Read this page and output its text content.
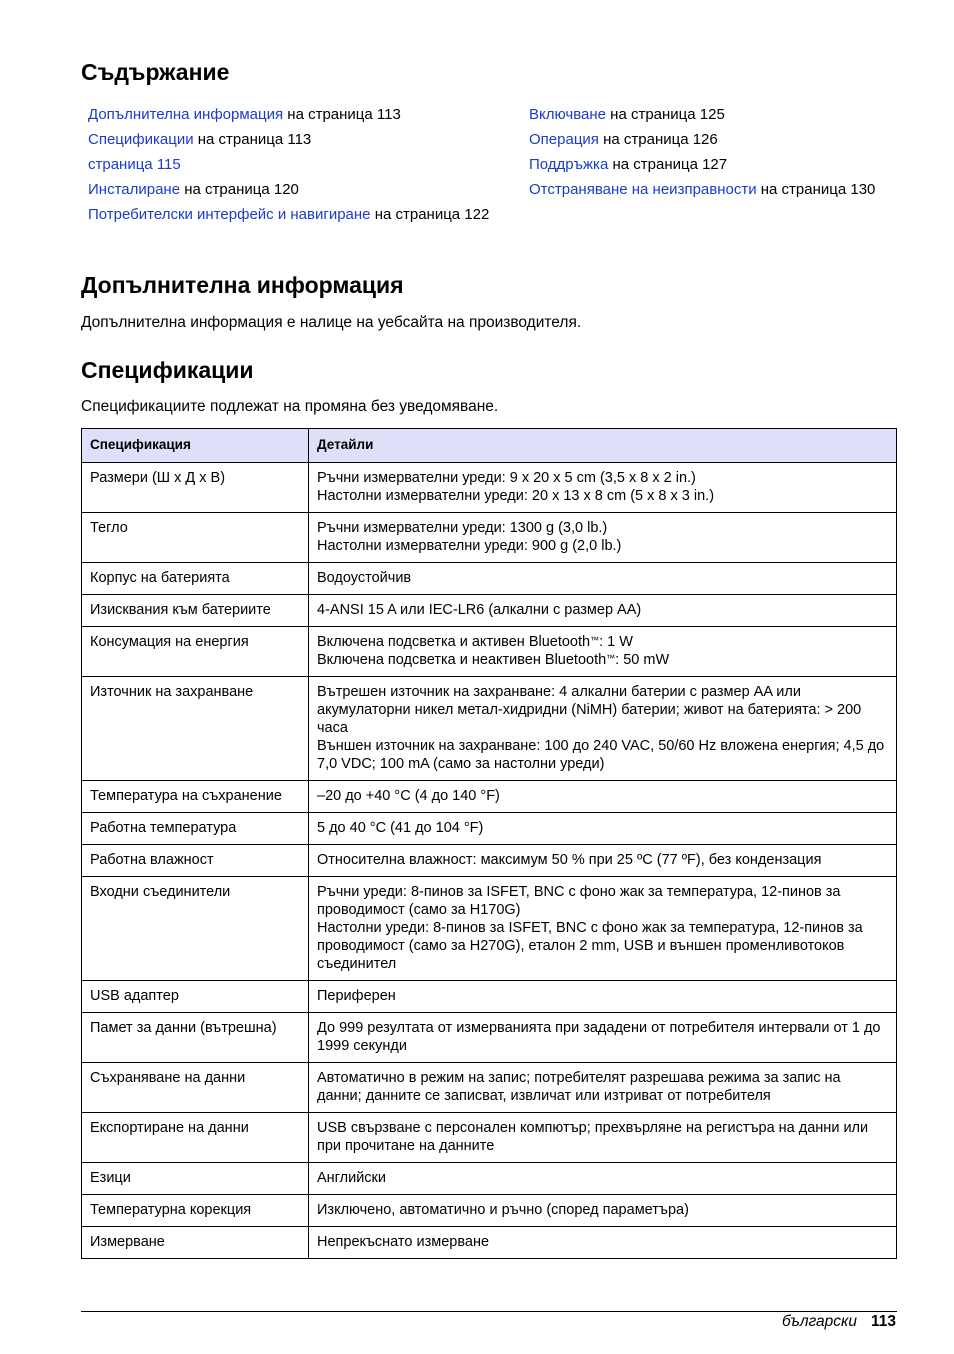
Съдържание
Допълнителна информация на страница 113
Спецификации на страница 113
страница 115
Инсталиране на страница 120
Потребителски интерфейс и навигиране на страница 122
Включване на страница 125
Операция на страница 126
Поддръжка на страница 127
Отстраняване на неизправности на страница 130
Допълнителна информация

Допълнителна информация е налице на уебсайта на производителя.

Спецификации

Спецификациите подлежат на промяна без уведомяване.

Спецификация	Детайли
Размери (Ш x Д x В)	Ръчни измервателни уреди: 9 x 20 x 5 cm (3,5 x 8 x 2 in.)
Настолни измервателни уреди: 20 x 13 x 8 cm (5 x 8 x 3 in.)

Тегло	Ръчни измервателни уреди: 1300 g (3,0 lb.)
Настолни измервателни уреди: 900 g (2,0 lb.)

Корпус на батерията	Водоустойчив

Изисквания към батериите	4-ANSI 15 A или IEC-LR6 (алкални с размер AA)

Консумация на енергия	Включена подсветка и активен Bluetooth™: 1 W
Включена подсветка и неактивен Bluetooth™: 50 mW

Източник на захранване	Вътрешен източник на захранване: 4 алкални батерии с размер AA или акумулаторни никел метал-хидридни (NiMH) батерии; живот на батерията: > 200 часа
Външен източник на захранване: 100 до 240 VAC, 50/60 Hz вложена енергия; 4,5 до 7,0 VDC; 100 mA (само за настолни уреди)

Температура на съхранение	–20 до +40 °C (4 до 140 °F)

Работна температура	5 до 40 °C (41 до 104 °F)

Работна влажност	Относителна влажност: максимум 50 % при 25 ºC (77 ºF), без кондензация

Входни съединители	Ръчни уреди: 8-пинов за ISFET, BNC с фоно жак за температура, 12-пинов за проводимост (само за H170G)
Настолни уреди: 8-пинов за ISFET, BNC с фоно жак за температура, 12-пинов за проводимост (само за H270G), еталон 2 mm, USB и външен променливотоков съединител

USB адаптер	Периферен

Памет за данни (вътрешна)	До 999 резултата от измерванията при зададени от потребителя интервали от 1 до 1999 секунди

Съхраняване на данни	Автоматично в режим на запис; потребителят разрешава режима за запис на данни; данните се записват, извличат или изтриват от потребителя

Експортиране на данни	USB свързване с персонален компютър; прехвърляне на регистъра на данни или при прочитане на данните

Езици	Английски

Температурна корекция	Изключено, автоматично и ръчно (според параметъра)

Измерване	Непрекъснато измерване
български 113
